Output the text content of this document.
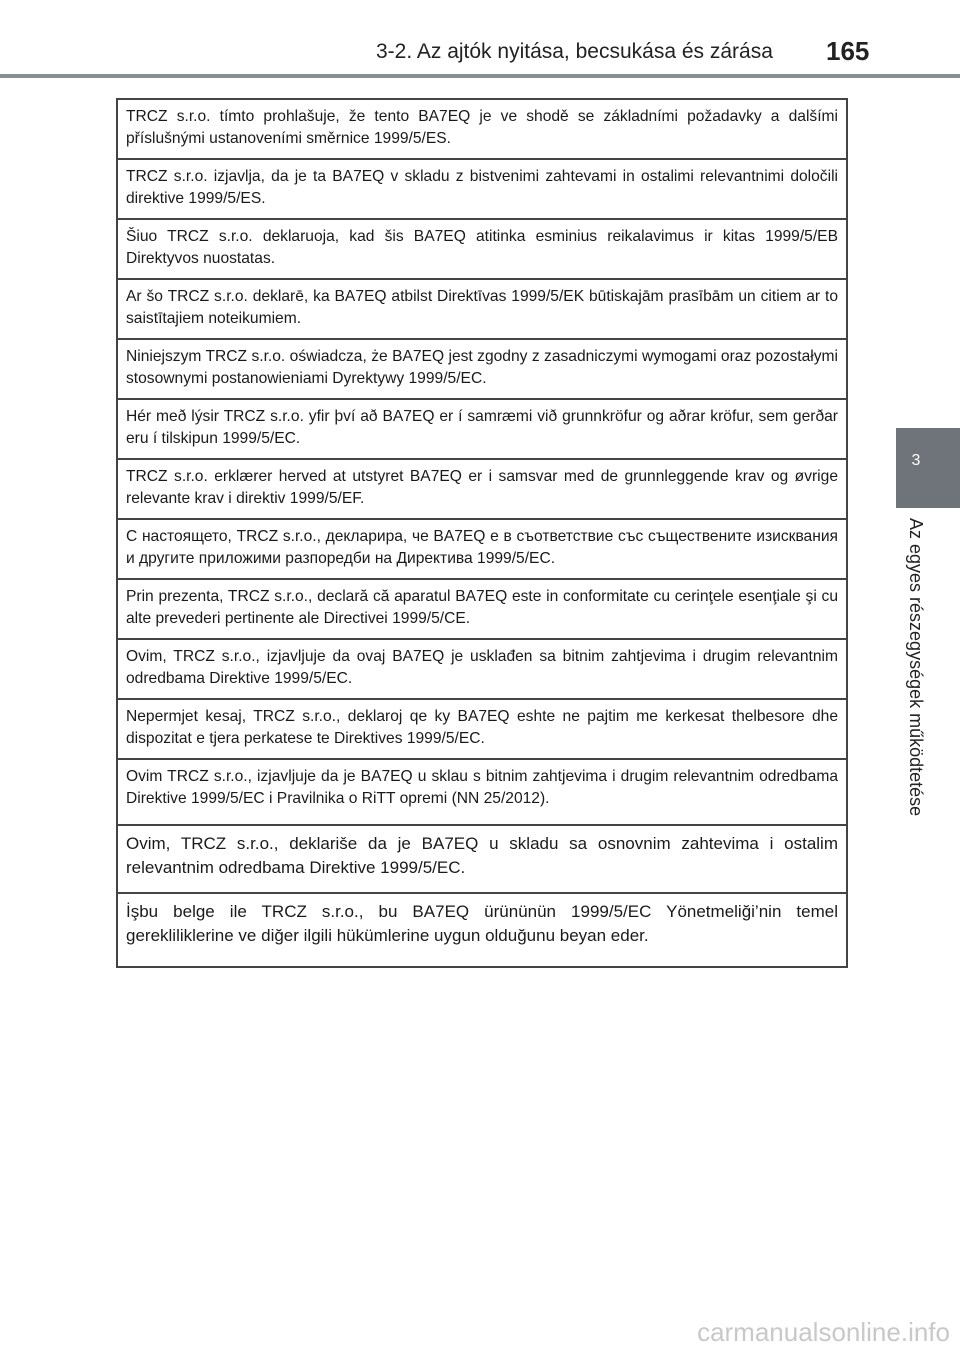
3-2. Az ajtók nyitása, becsukása és zárása 165
3
Az egyes részegységek működtetése
TRCZ s.r.o. tímto prohlašuje, že tento BA7EQ je ve shodě se základními požadavky a dalšími příslušnými ustanoveními směrnice 1999/5/ES.
TRCZ s.r.o. izjavlja, da je ta BA7EQ v skladu z bistvenimi zahtevami in ostalimi relevantnimi določili direktive 1999/5/ES.
Šiuo TRCZ s.r.o. deklaruoja, kad šis BA7EQ atitinka esminius reikalavimus ir kitas 1999/5/EB Direktyvos nuostatas.
Ar šo TRCZ s.r.o. deklarē, ka BA7EQ atbilst Direktīvas 1999/5/EK būtiskajām prasībām un citiem ar to saistītajiem noteikumiem.
Niniejszym TRCZ s.r.o. oświadcza, że BA7EQ jest zgodny z zasadniczymi wymogami oraz pozostałymi stosownymi postanowieniami Dyrektywy 1999/5/EC.
Hér með lýsir TRCZ s.r.o. yfir því að BA7EQ er í samræmi við grunnkröfur og aðrar kröfur, sem gerðar eru í tilskipun 1999/5/EC.
TRCZ s.r.o. erklærer herved at utstyret BA7EQ er i samsvar med de grunnleggende krav og øvrige relevante krav i direktiv 1999/5/EF.
С настоящето, TRCZ s.r.o., декларира, че BA7EQ е в съответствие със съществените изисквания и другите приложими разпоредби на Директива 1999/5/EC.
Prin prezenta, TRCZ s.r.o., declară că aparatul BA7EQ este in conformitate cu cerinţele esenţiale şi cu alte prevederi pertinente ale Directivei 1999/5/CE.
Ovim, TRCZ s.r.o., izjavljuje da ovaj BA7EQ je usklađen sa bitnim zahtjevima i drugim relevantnim odredbama Direktive 1999/5/EC.
Nepermjet kesaj, TRCZ s.r.o., deklaroj qe ky BA7EQ eshte ne pajtim me kerkesat thelbesore dhe dispozitat e tjera perkatese te Direktives 1999/5/EC.
Ovim TRCZ s.r.o., izjavljuje da je BA7EQ u sklau s bitnim zahtjevima i drugim relevantnim odredbama Direktive 1999/5/EC i Pravilnika o RiTT opremi (NN 25/2012).
Ovim, TRCZ s.r.o., deklariše da je BA7EQ u skladu sa osnovnim zahtevima i ostalim relevantnim odredbama Direktive 1999/5/EC.
İşbu belge ile TRCZ s.r.o., bu BA7EQ ürününün 1999/5/EC Yönetmeliği’nin temel gerekliliklerine ve diğer ilgili hükümlerine uygun olduğunu beyan eder.
carmanualsonline.info
